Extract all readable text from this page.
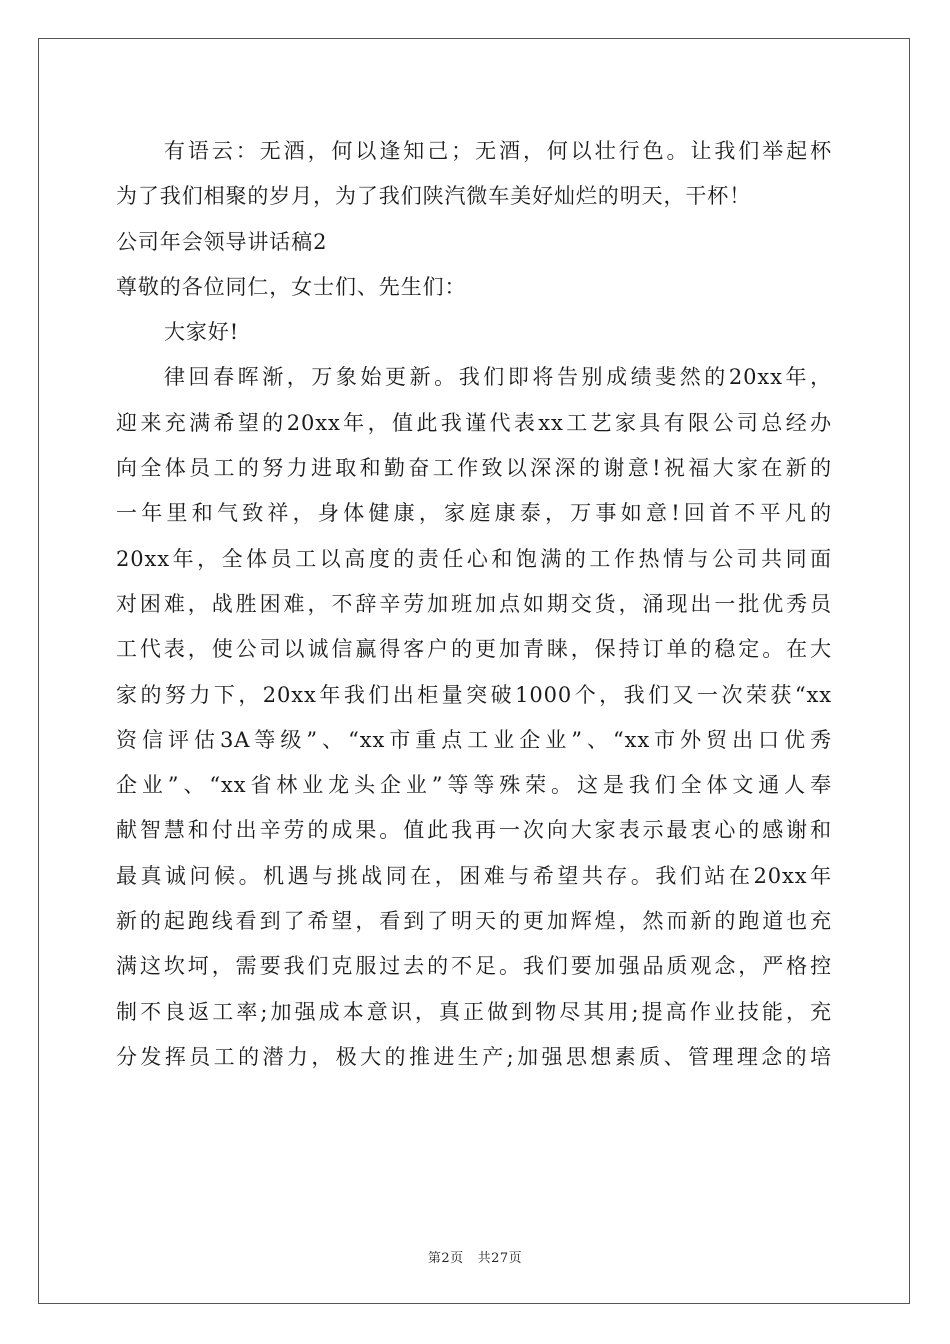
有语云：无酒，何以逢知己；无酒，何以壮行色。让我们举起杯
为了我们相聚的岁月，为了我们陕汽微车美好灿烂的明天，干杯！
公司年会领导讲话稿2
尊敬的各位同仁，女士们、先生们：
大家好!
律回春晖渐，万象始更新。我们即将告别成绩斐然的20xx年，
迎来充满希望的20xx年，值此我谨代表xx工艺家具有限公司总经办
向全体员工的努力进取和勤奋工作致以深深的谢意!祝福大家在新的
一年里和气致祥，身体健康，家庭康泰，万事如意!回首不平凡的
20xx年，全体员工以高度的责任心和饱满的工作热情与公司共同面
对困难，战胜困难，不辞辛劳加班加点如期交货，涌现出一批优秀员
工代表，使公司以诚信赢得客户的更加青睐，保持订单的稳定。在大
家的努力下，20xx年我们出柜量突破1000个，我们又一次荣获“xx
资信评估3A等级”、“xx市重点工业企业”、“xx市外贸出口优秀
企业”、“xx省林业龙头企业”等等殊荣。这是我们全体文通人奉
献智慧和付出辛劳的成果。值此我再一次向大家表示最衷心的感谢和
最真诚问候。机遇与挑战同在，困难与希望共存。我们站在20xx年
新的起跑线看到了希望，看到了明天的更加辉煌，然而新的跑道也充
满这坎坷，需要我们克服过去的不足。我们要加强品质观念，严格控
制不良返工率;加强成本意识，真正做到物尽其用;提高作业技能，充
分发挥员工的潜力，极大的推进生产;加强思想素质、管理理念的培
第2页 共27页
